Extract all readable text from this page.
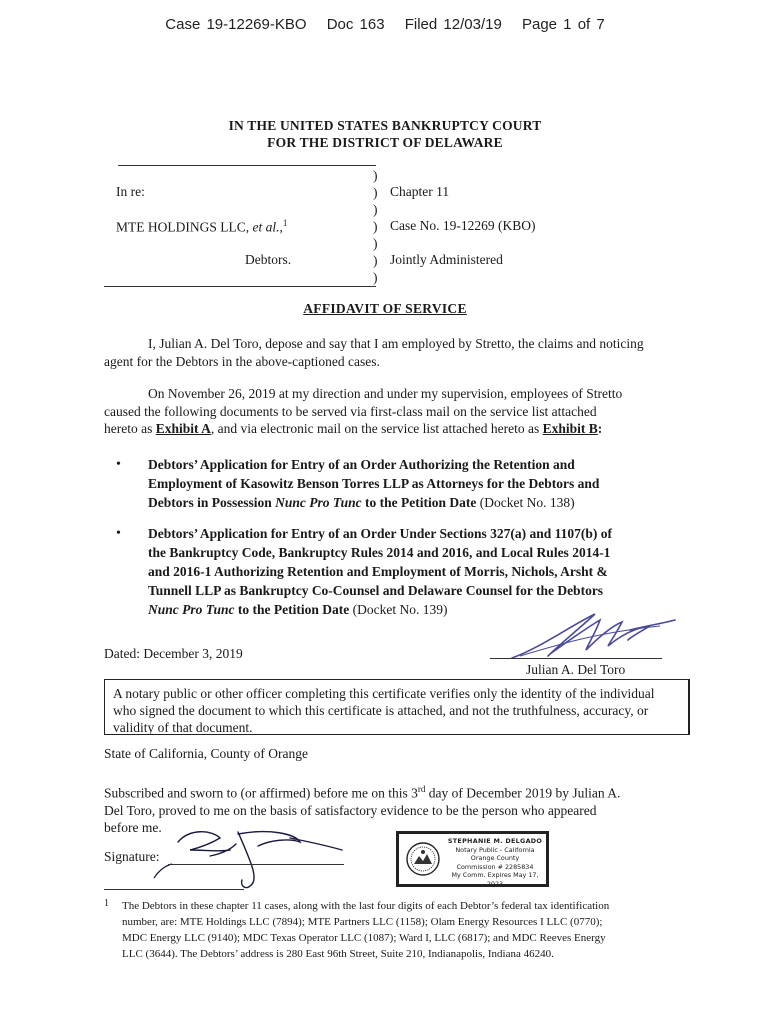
Case 19-12269-KBO Doc 163 Filed 12/03/19 Page 1 of 7
IN THE UNITED STATES BANKRUPTCY COURT
FOR THE DISTRICT OF DELAWARE
In re:
MTE HOLDINGS LLC, et al.,$^1$
Debtors.
)
)
)
)
)
)
)
Chapter 11
Case No. 19-12269 (KBO)
Jointly Administered
AFFIDAVIT OF SERVICE
I, Julian A. Del Toro, depose and say that I am employed by Stretto, the claims and noticing
agent for the Debtors in the above-captioned cases.
On November 26, 2019 at my direction and under my supervision, employees of Stretto
caused the following documents to be served via first-class mail on the service list attached
hereto as Exhibit A, and via electronic mail on the service list attached hereto as Exhibit B:
• Debtors’ Application for Entry of an Order Authorizing the Retention and
Employment of Kasowitz Benson Torres LLP as Attorneys for the Debtors and
Debtors in Possession Nunc Pro Tunc to the Petition Date (Docket No. 138)
• Debtors’ Application for Entry of an Order Under Sections 327(a) and 1107(b) of
the Bankruptcy Code, Bankruptcy Rules 2014 and 2016, and Local Rules 2014-1
and 2016-1 Authorizing Retention and Employment of Morris, Nichols, Arsht &
Tunnell LLP as Bankruptcy Co-Counsel and Delaware Counsel for the Debtors
Nunc Pro Tunc to the Petition Date (Docket No. 139)
Dated: December 3, 2019
Julian A. Del Toro
A notary public or other officer completing this certificate verifies only the identity of the individual
who signed the document to which this certificate is attached, and not the truthfulness, accuracy, or
validity of that document.
State of California, County of Orange
Subscribed and sworn to (or affirmed) before me on this 3rd day of December 2019 by Julian A.
Del Toro, proved to me on the basis of satisfactory evidence to be the person who appeared
before me.
Signature:
STEPHANIE M. DELGADO
Notary Public - California
Orange County
Commission # 2285834
My Comm. Expires May 17, 2023
1 The Debtors in these chapter 11 cases, along with the last four digits of each Debtor’s federal tax identification
number, are: MTE Holdings LLC (7894); MTE Partners LLC (1158); Olam Energy Resources I LLC (0770);
MDC Energy LLC (9140); MDC Texas Operator LLC (1087); Ward I, LLC (6817); and MDC Reeves Energy
LLC (3644). The Debtors’ address is 280 East 96th Street, Suite 210, Indianapolis, Indiana 46240.
